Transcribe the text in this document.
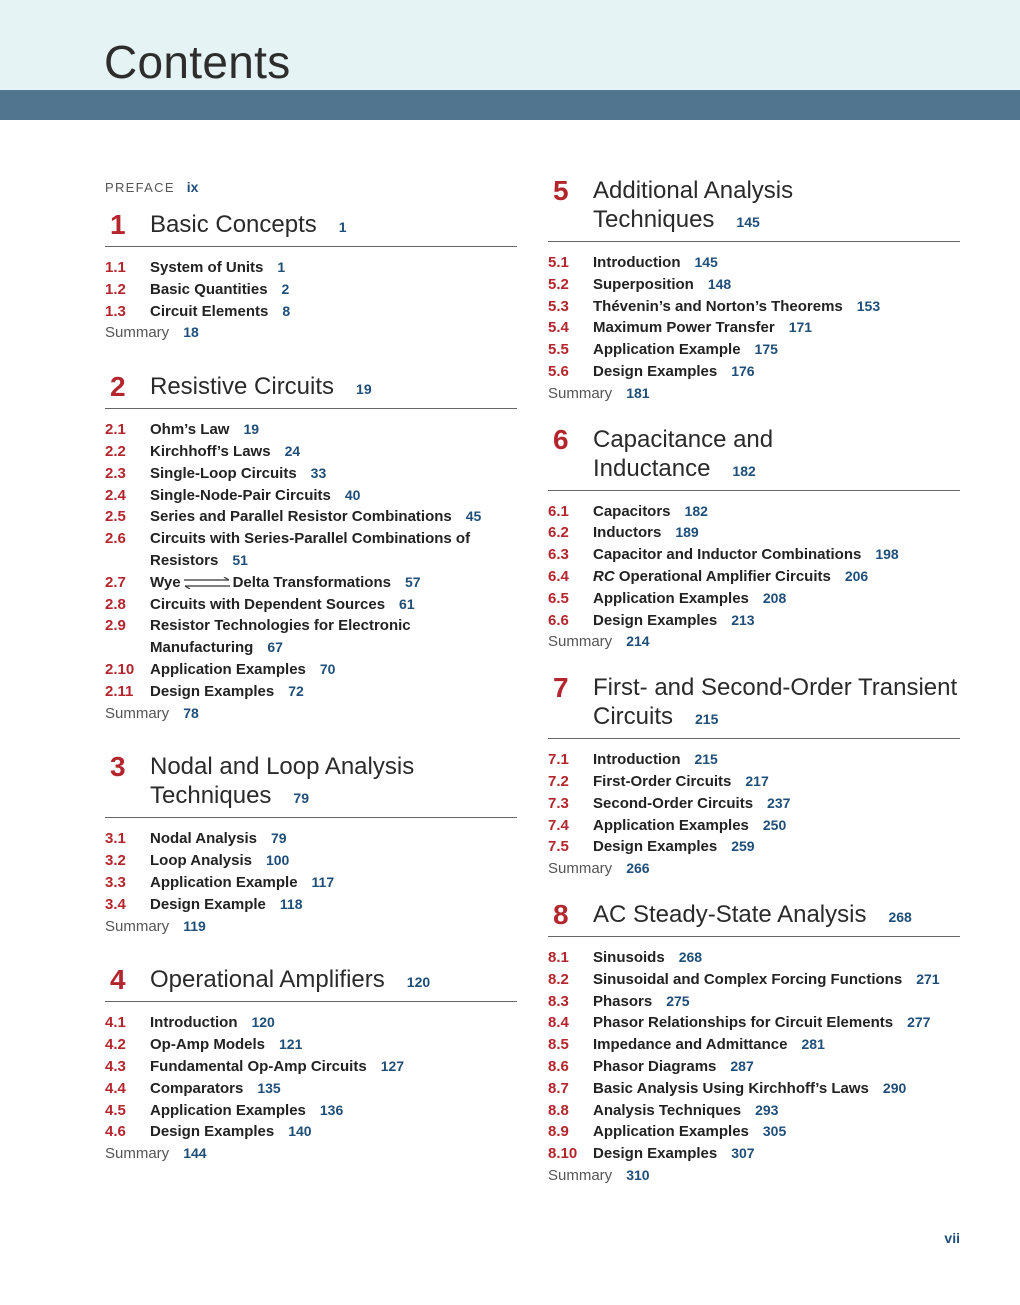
Contents
PREFACE ix
1	Basic Concepts 1
1.1	System of Units 1
1.2	Basic Quantities 2
1.3	Circuit Elements 8
Summary 18
2	Resistive Circuits 19
2.1	Ohm’s Law 19
2.2	Kirchhoff’s Laws 24
2.3	Single-Loop Circuits 33
2.4	Single-Node-Pair Circuits 40
2.5	Series and Parallel Resistor Combinations 45
2.6	Circuits with Series-Parallel Combinations of Resistors 51
2.7	Wye	Delta Transformations 57
2.8	Circuits with Dependent Sources 61
2.9	Resistor Technologies for Electronic Manufacturing 67
2.10	Application Examples 70
2.11	Design Examples 72
Summary 78
3	Nodal and Loop Analysis
Techniques 79
3.1	Nodal Analysis 79
3.2	Loop Analysis 100
3.3	Application Example 117
3.4	Design Example 118
Summary 119
4	Operational Amplifiers 120
4.1	Introduction 120
4.2	Op-Amp Models 121
4.3	Fundamental Op-Amp Circuits 127
4.4	Comparators 135
4.5	Application Examples 136
4.6	Design Examples 140
Summary 144
5	Additional Analysis
Techniques 145
5.1	Introduction 145
5.2	Superposition 148
5.3	Thévenin’s and Norton’s Theorems 153
5.4	Maximum Power Transfer 171
5.5	Application Example 175
5.6	Design Examples 176
Summary 181
6	Capacitance and
Inductance 182
6.1	Capacitors 182
6.2	Inductors 189
6.3	Capacitor and Inductor Combinations 198
6.4	RC Operational Amplifier Circuits 206
6.5	Application Examples 208
6.6	Design Examples 213
Summary 214
7	First- and Second-Order Transient
Circuits 215
7.1	Introduction 215
7.2	First-Order Circuits 217
7.3	Second-Order Circuits 237
7.4	Application Examples 250
7.5	Design Examples 259
Summary 266
8	AC Steady-State Analysis 268
8.1	Sinusoids 268
8.2	Sinusoidal and Complex Forcing Functions 271
8.3	Phasors 275
8.4	Phasor Relationships for Circuit Elements 277
8.5	Impedance and Admittance 281
8.6	Phasor Diagrams 287
8.7	Basic Analysis Using Kirchhoff’s Laws 290
8.8	Analysis Techniques 293
8.9	Application Examples 305
8.10	Design Examples 307
Summary 310
vii
